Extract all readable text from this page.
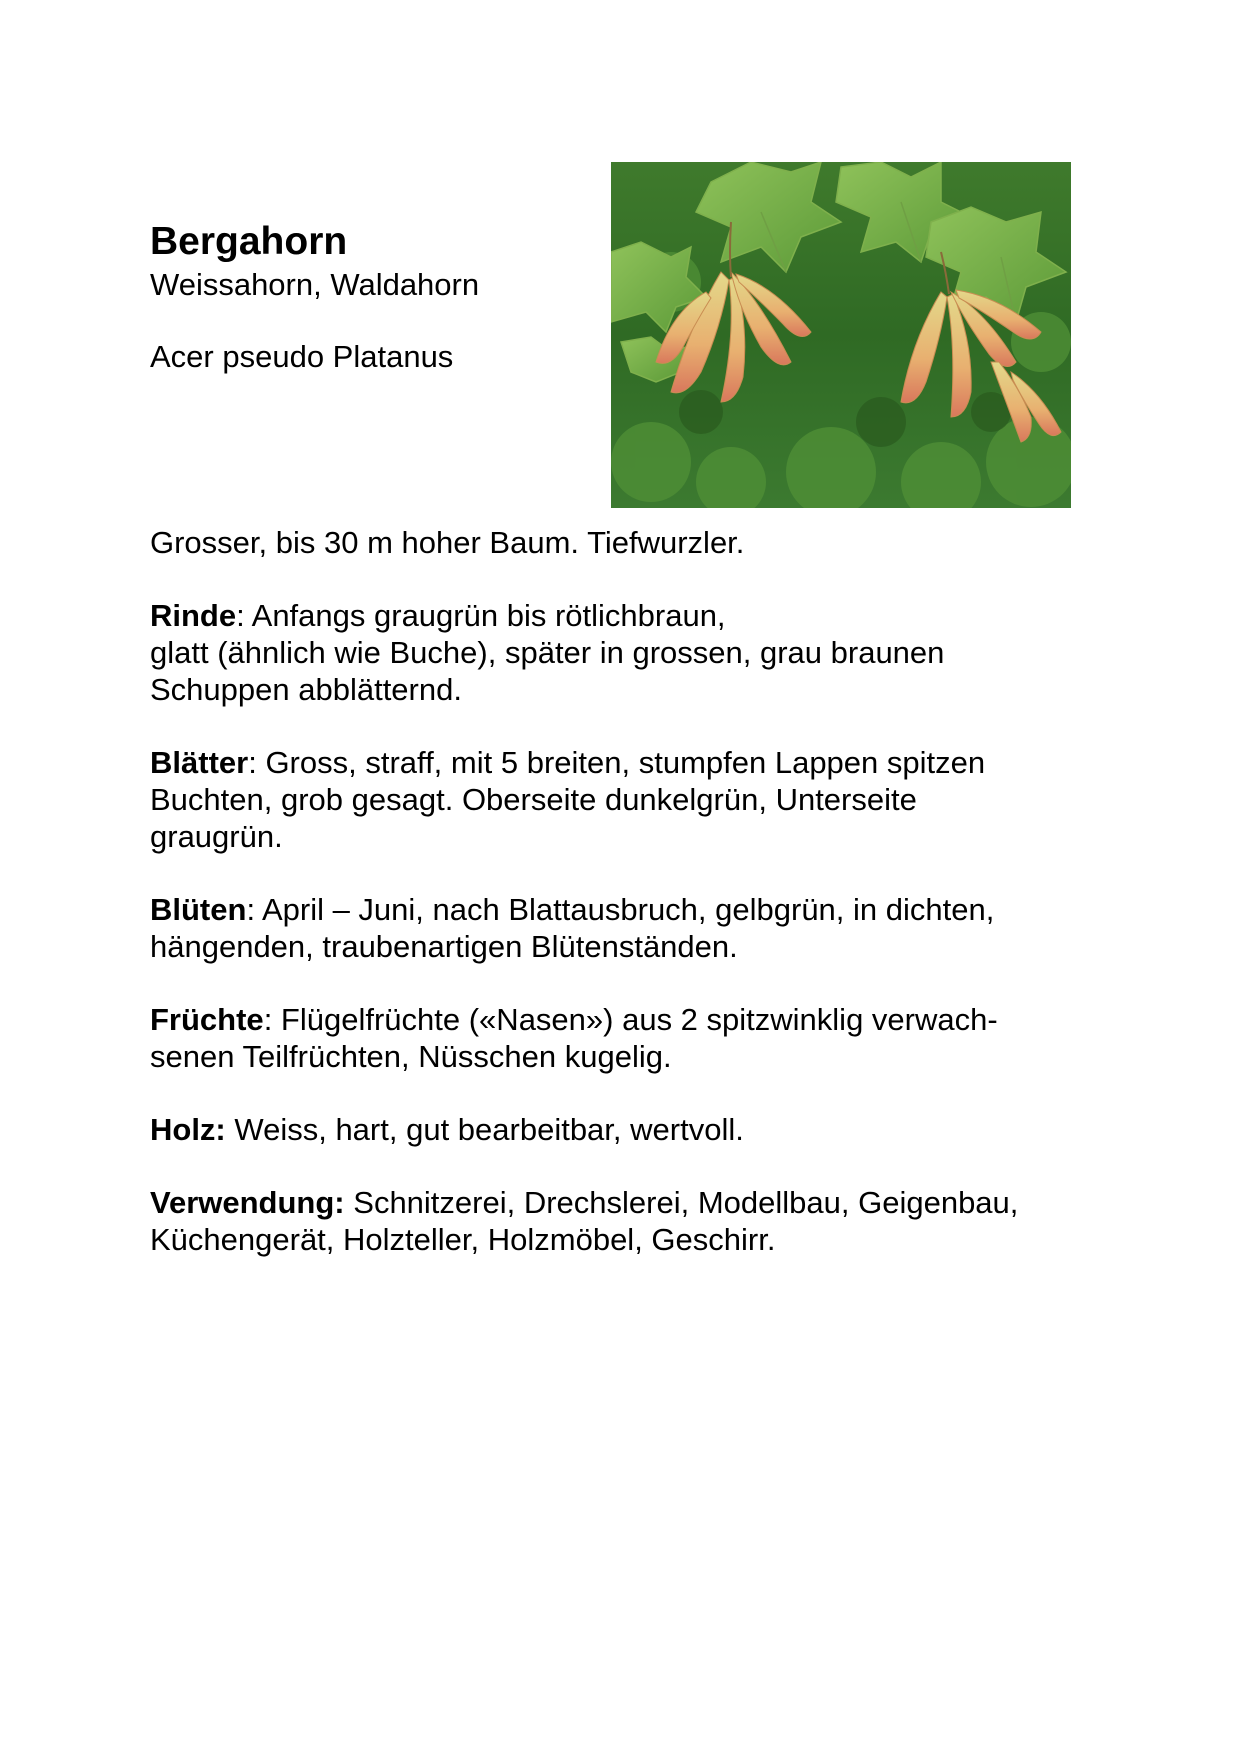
Bergahorn

Weissahorn, Waldahorn

Acer pseudo Platanus

Grosser, bis 30 m hoher Baum. Tiefwurzler.

Rinde: Anfangs graugrün bis rötlichbraun,
glatt (ähnlich wie Buche), später in grossen, grau braunen
Schuppen abblätternd.

Blätter: Gross, straff, mit 5 breiten, stumpfen Lappen spitzen
Buchten, grob gesagt. Oberseite dunkelgrün, Unterseite
graugrün.

Blüten: April – Juni, nach Blattausbruch, gelbgrün, in dichten,
hängenden, traubenartigen Blütenständen.

Früchte: Flügelfrüchte («Nasen») aus 2 spitzwinklig verwach-
senen Teilfrüchten, Nüsschen kugelig.

Holz: Weiss, hart, gut bearbeitbar, wertvoll.

Verwendung: Schnitzerei, Drechslerei, Modellbau, Geigenbau,
Küchengerät, Holzteller, Holzmöbel, Geschirr.
